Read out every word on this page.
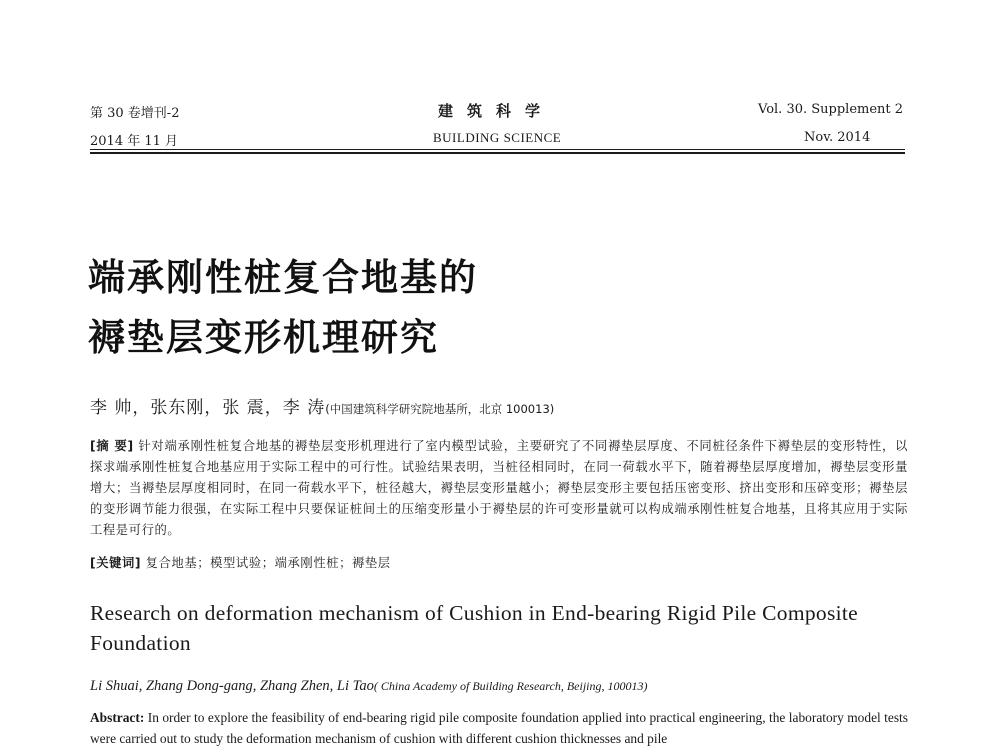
第 30 卷增刊-2
2014 年 11 月
建筑科学
BUILDING SCIENCE
Vol. 30. Supplement 2
Nov. 2014
端承刚性桩复合地基的
褥垫层变形机理研究
李 帅，张东刚，张 震，李 涛(中国建筑科学研究院地基所，北京 100013)
[摘 要] 针对端承刚性桩复合地基的褥垫层变形机理进行了室内模型试验，主要研究了不同褥垫层厚度、不同桩径条件下褥垫层的变形特性，以探求端承刚性桩复合地基应用于实际工程中的可行性。试验结果表明，当桩径相同时，在同一荷载水平下，随着褥垫层厚度增加，褥垫层变形量增大；当褥垫层厚度相同时，在同一荷载水平下，桩径越大，褥垫层变形量越小；褥垫层变形主要包括压密变形、挤出变形和压碎变形；褥垫层的变形调节能力很强，在实际工程中只要保证桩间土的压缩变形量小于褥垫层的许可变形量就可以构成端承刚性桩复合地基，且将其应用于实际工程是可行的。
[关键词] 复合地基；模型试验；端承刚性桩；褥垫层
Research on deformation mechanism of Cushion in End-bearing Rigid Pile Composite Foundation
Li Shuai, Zhang Dong-gang, Zhang Zhen, Li Tao( China Academy of Building Research, Beijing, 100013)
Abstract: In order to explore the feasibility of end-bearing rigid pile composite foundation applied into practical engineering, the laboratory model tests were carried out to study the deformation mechanism of cushion with different cushion thicknesses and pile
